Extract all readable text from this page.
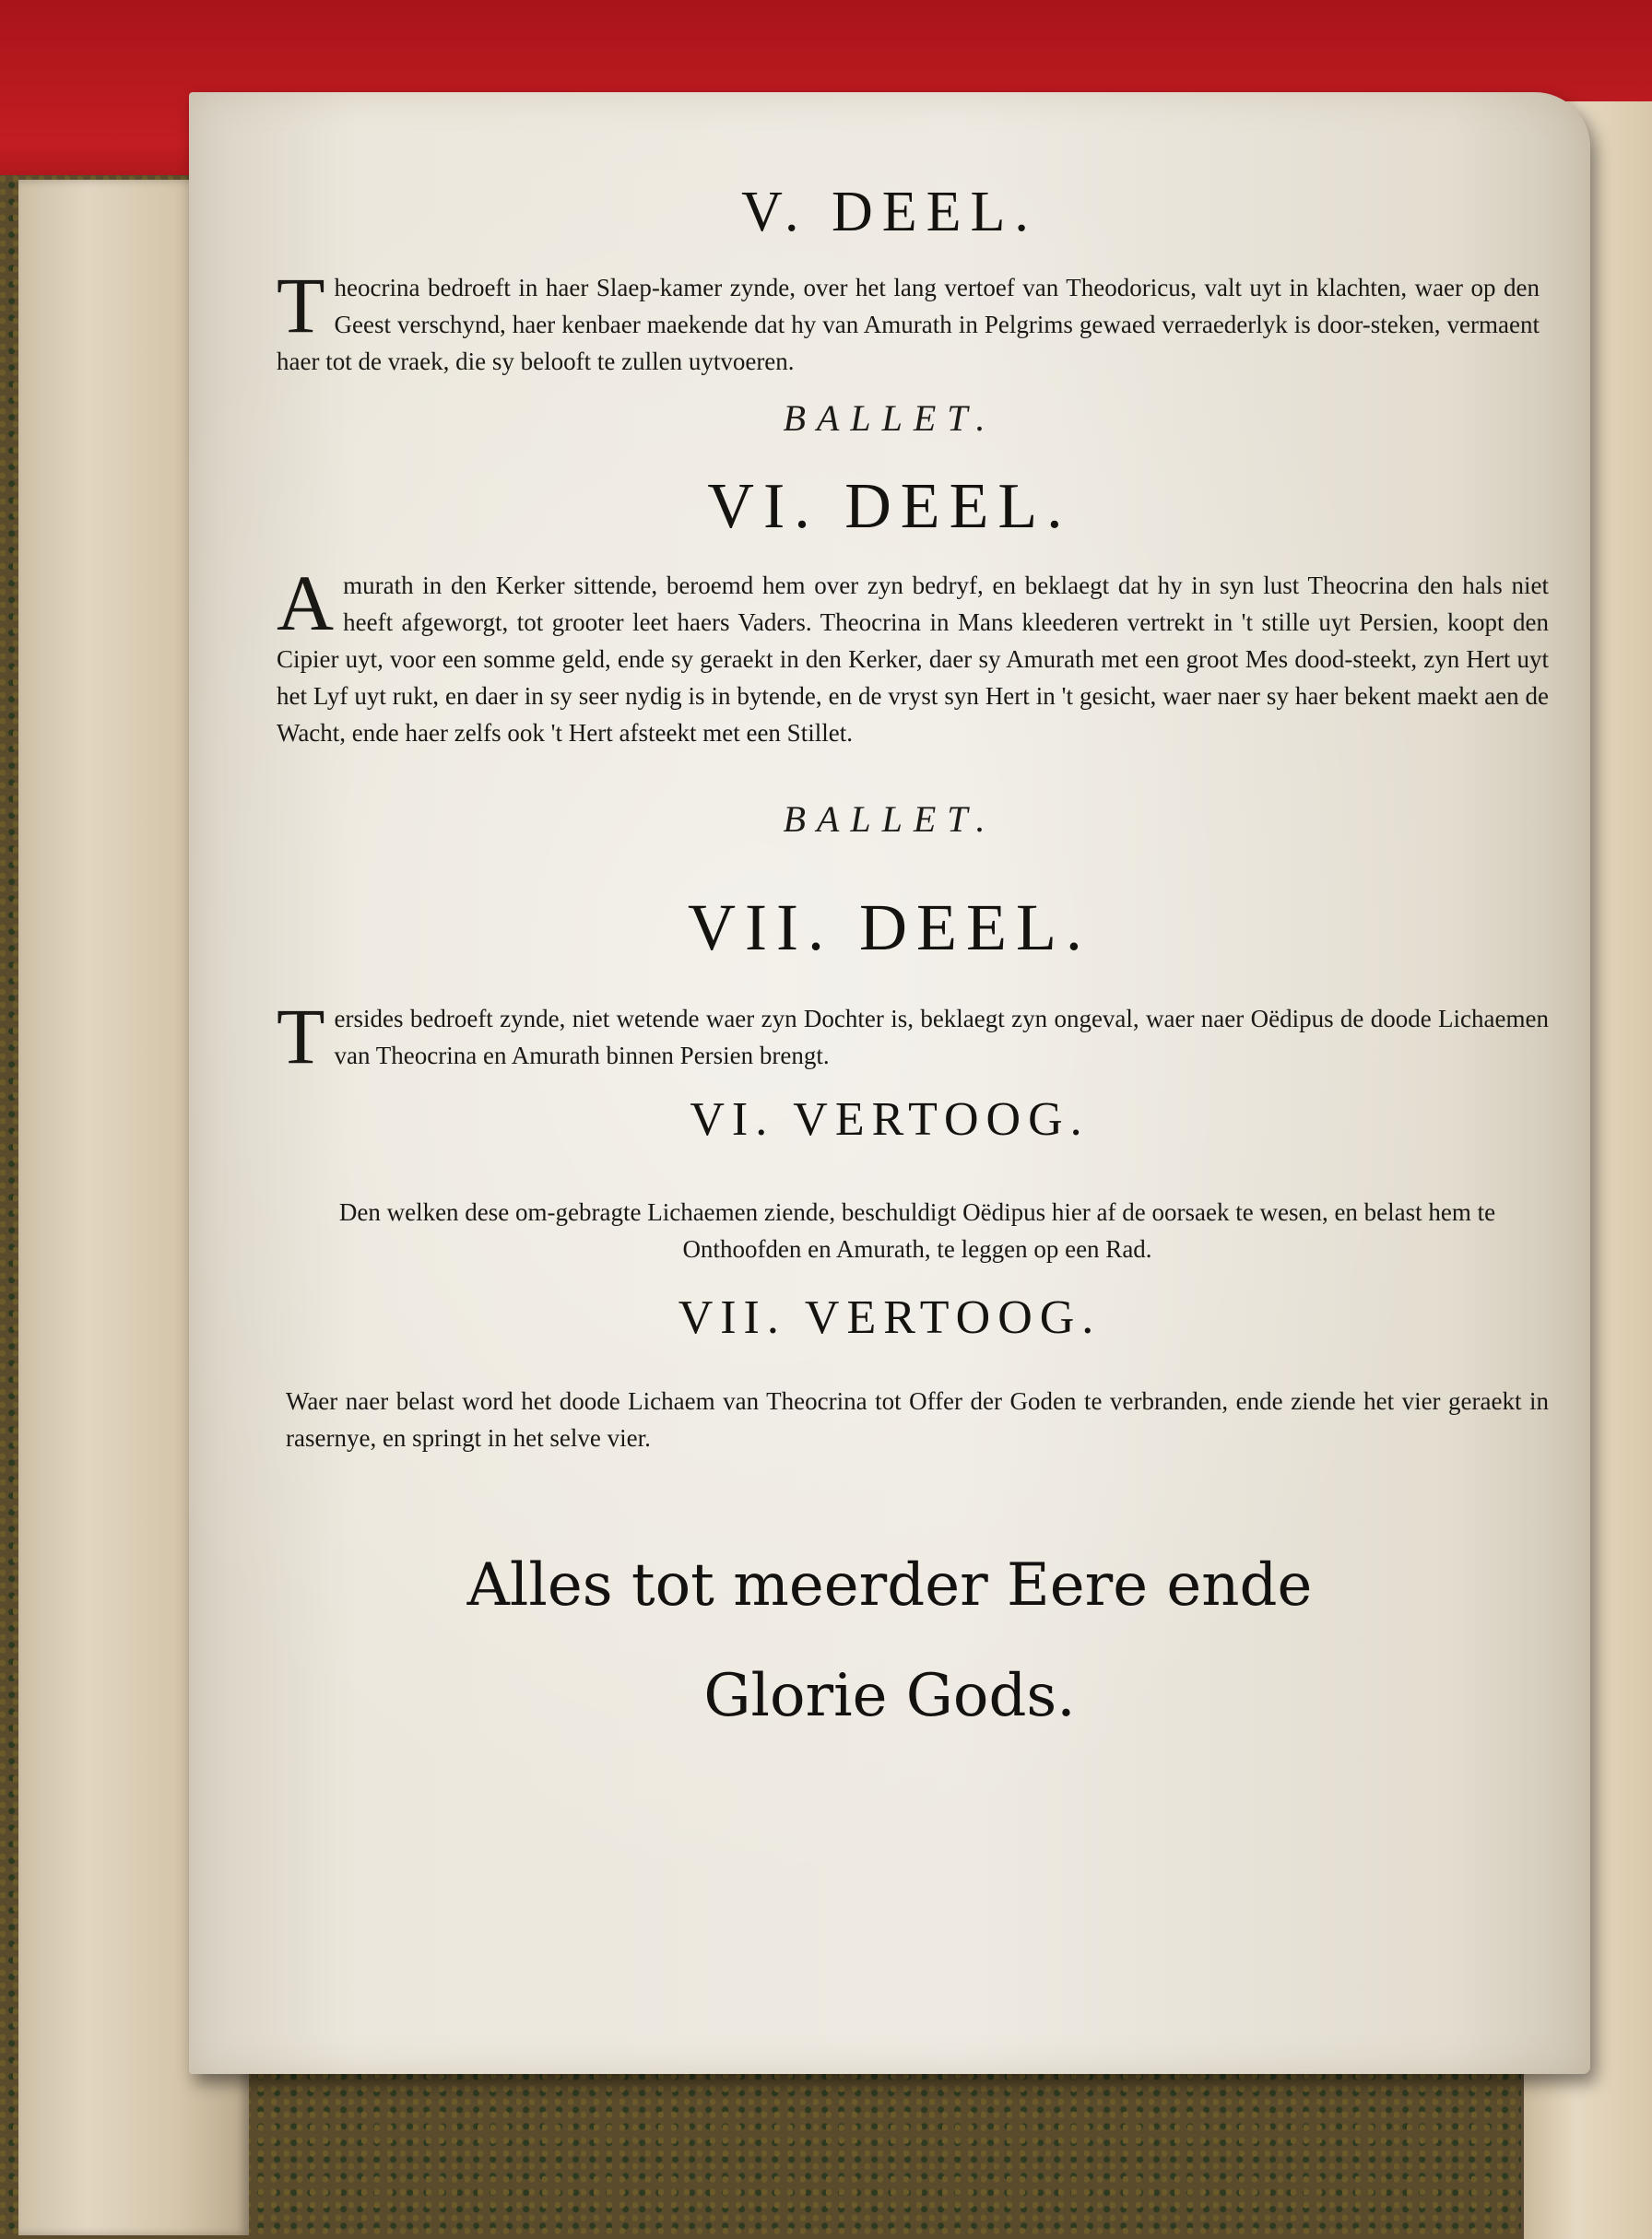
V. DEEL.
T heocrina bedroeft in haer Slaep-kamer zynde, over het lang vertoef van Theodoricus, valt uyt in klachten, waer op den Geest verschynd, haer kenbaer maekende dat hy van Amurath in Pelgrims gewaed verraederlyk is door-steken, vermaent haer tot de vraek, die sy belooft te zullen uytvoeren.
BALLET.
VI. DEEL.
A murath in den Kerker sittende, beroemd hem over zyn bedryf, en beklaegt dat hy in syn lust Theocrina den hals niet heeft afgeworgt, tot grooter leet haers Vaders. Theocrina in Mans kleederen vertrekt in 't stille uyt Persien, koopt den Cipier uyt, voor een somme geld, ende sy geraekt in den Kerker, daer sy Amurath met een groot Mes dood-steekt, zyn Hert uyt het Lyf uyt rukt, en daer in sy seer nydig is in bytende, en de vryst syn Hert in 't gesicht, waer naer sy haer bekent maekt aen de Wacht, ende haer zelfs ook 't Hert afsteekt met een Stillet.
BALLET.
VII. DEEL.
T ersides bedroeft zynde, niet wetende waer zyn Dochter is, beklaegt zyn ongeval, waer naer Oëdipus de doode Lichaemen van Theocrina en Amurath binnen Persien brengt.
VI. VERTOOG.
Den welken dese om-gebragte Lichaemen ziende, beschuldigt Oëdipus hier af de oorsaek te wesen, en belast hem te Onthoofden en Amurath, te leggen op een Rad.
VII. VERTOOG.
Waer naer belast word het doode Lichaem van Theocrina tot Offer der Goden te verbranden, ende ziende het vier geraekt in rasernye, en springt in het selve vier.
Alles tot meerder Eere ende
Glorie Gods.
